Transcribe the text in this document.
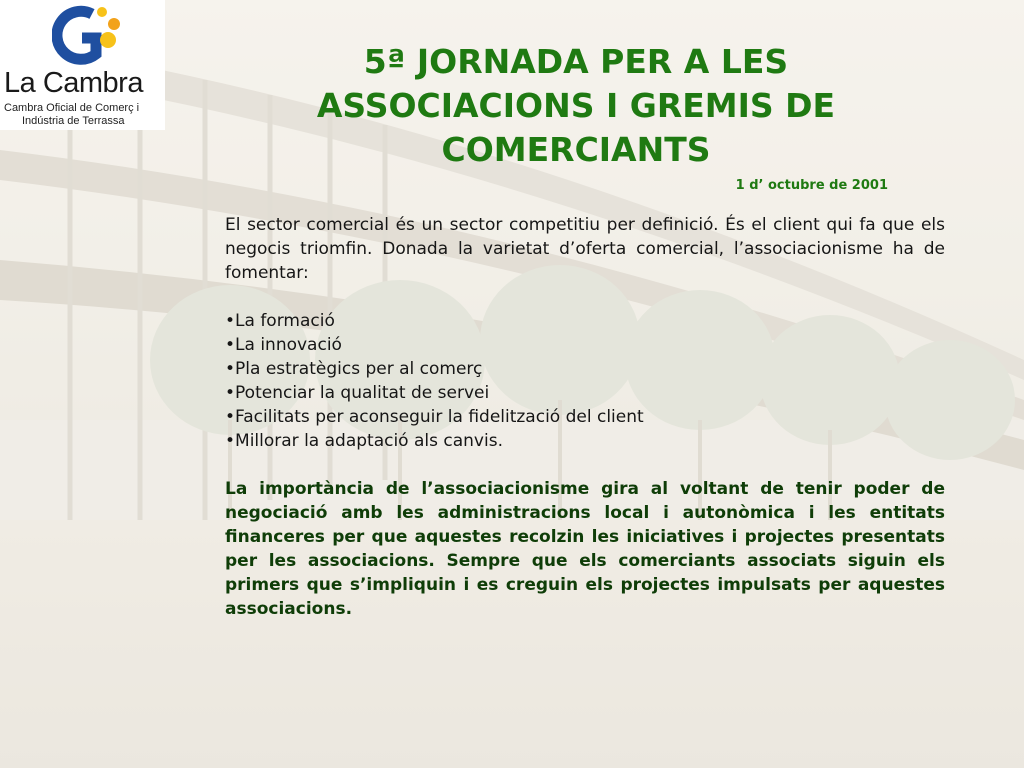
La Cambra
Cambra Oficial de Comerç i
Indústria de Terrassa
5ª JORNADA PER A LES
ASSOCIACIONS I GREMIS DE
COMERCIANTS
1 d’ octubre de 2001

El sector comercial és un sector competitiu per definició. És el client qui fa que els negocis triomfin. Donada la varietat d’oferta comercial, l’associacionisme ha de fomentar:

• La formació
• La innovació
• Pla estratègics per al comerç
• Potenciar la qualitat de servei
• Facilitats per aconseguir la fidelització del client
• Millorar la adaptació als canvis.

La importància de l’associacionisme gira al voltant de tenir poder de negociació amb les administracions local i autonòmica i les entitats financeres per que aquestes recolzin les iniciatives i projectes presentats per les associacions. Sempre que els comerciants associats siguin els primers que s’impliquin i es creguin els projectes impulsats per aquestes associacions.
